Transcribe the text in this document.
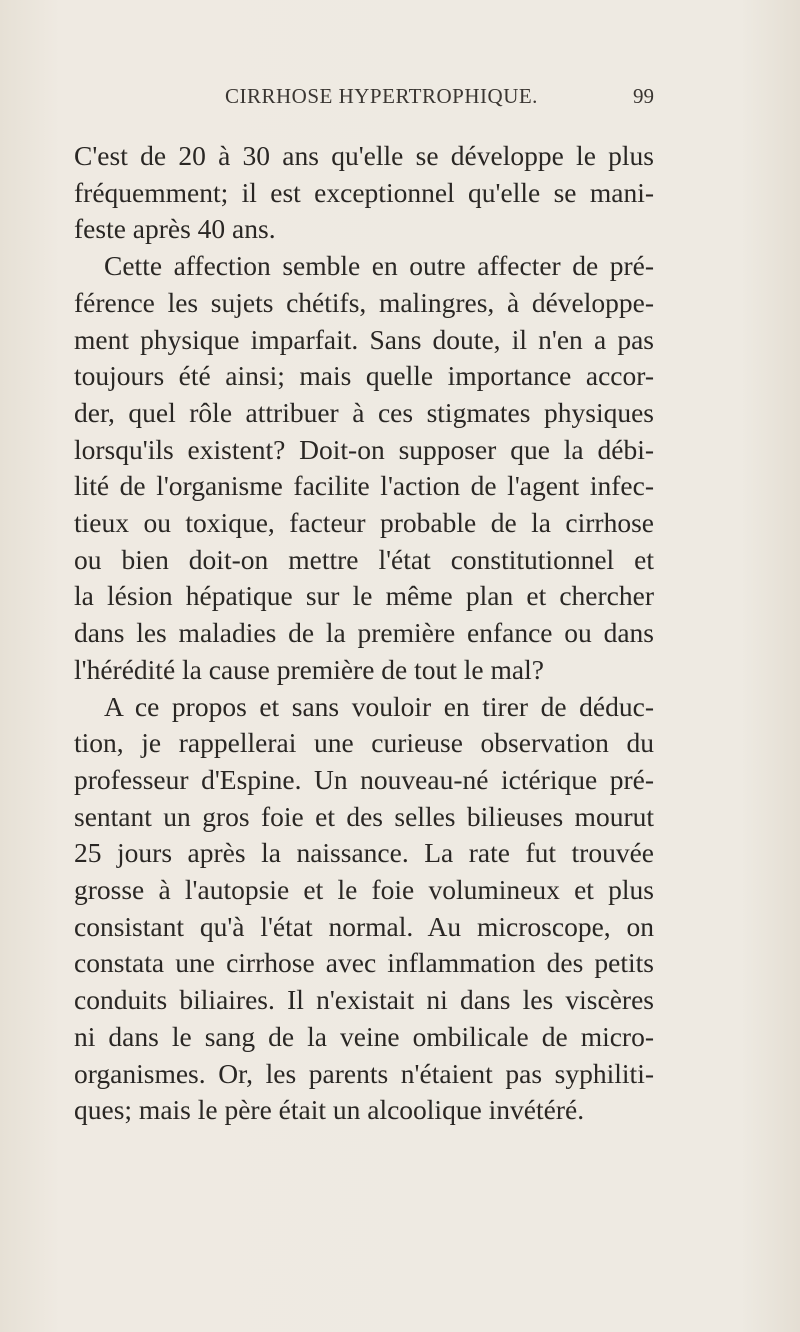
CIRRHOSE HYPERTROPHIQUE.	99
C'est de 20 à 30 ans qu'elle se développe le plus
fréquemment; il est exceptionnel qu'elle se mani-
feste après 40 ans.
Cette affection semble en outre affecter de pré-
férence les sujets chétifs, malingres, à développe-
ment physique imparfait. Sans doute, il n'en a pas
toujours été ainsi; mais quelle importance accor-
der, quel rôle attribuer à ces stigmates physiques
lorsqu'ils existent? Doit-on supposer que la débi-
lité de l'organisme facilite l'action de l'agent infec-
tieux ou toxique, facteur probable de la cirrhose
ou bien doit-on mettre l'état constitutionnel et
la lésion hépatique sur le même plan et chercher
dans les maladies de la première enfance ou dans
l'hérédité la cause première de tout le mal?
A ce propos et sans vouloir en tirer de déduc-
tion, je rappellerai une curieuse observation du
professeur d'Espine. Un nouveau-né ictérique pré-
sentant un gros foie et des selles bilieuses mourut
25 jours après la naissance. La rate fut trouvée
grosse à l'autopsie et le foie volumineux et plus
consistant qu'à l'état normal. Au microscope, on
constata une cirrhose avec inflammation des petits
conduits biliaires. Il n'existait ni dans les viscères
ni dans le sang de la veine ombilicale de micro-
organismes. Or, les parents n'étaient pas syphiliti-
ques; mais le père était un alcoolique invétéré.
